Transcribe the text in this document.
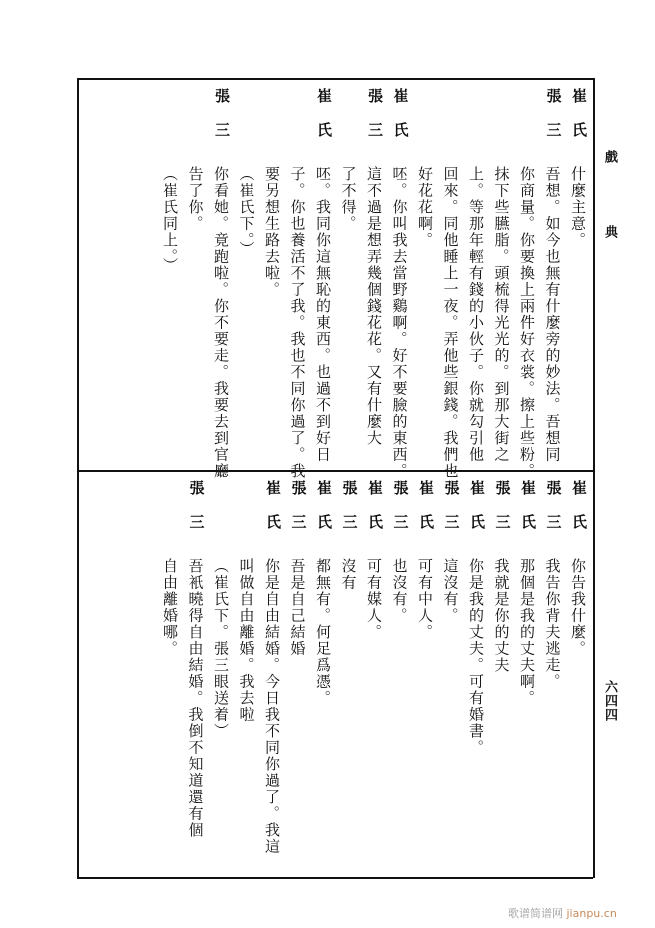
戲典
六四四
崔氏
什麼主意。
張三
吾想。如今也無有什麼旁的妙法。吾想同
你商量。你要換上兩件好衣裳。擦上些粉。
抹下些臙脂。頭梳得光光的。到那大街之
上。等那年輕有錢的小伙子。你就勾引他
回來。同他睡上一夜。弄他些銀錢。我們也
好花花啊。
崔氏
呸。你叫我去當野鷄啊。好不要臉的東西。
張三
這不過是想弄幾個錢花花。又有什麼大
了不得。
崔氏
呸。我同你這無恥的東西。也過不到好日
子。你也養活不了我。我也不同你過了。我
要另想生路去啦。
（崔氏下。）
張三
你看她。竟跑啦。你不要走。我要去到官廳
告了你。
（崔氏同上。）
崔氏
你告我什麼。
張三
我告你背夫逃走。
崔氏
那個是我的丈夫啊。
張三
我就是你的丈夫
崔氏
你是我的丈夫。可有婚書。
張三
這沒有。
崔氏
可有中人。
張三
也沒有。
崔氏
可有媒人。
張三
沒有
崔氏
都無有。何足爲憑。
張三
吾是自己結婚
崔氏
你是自由結婚。今日我不同你過了。我這
叫做自由離婚。我去啦
（崔氏下。張三眼送着）
張三
吾衹曉得自由結婚。我倒不知道還有個
自由離婚哪。
歌谱简谱网 jianpu.cn
